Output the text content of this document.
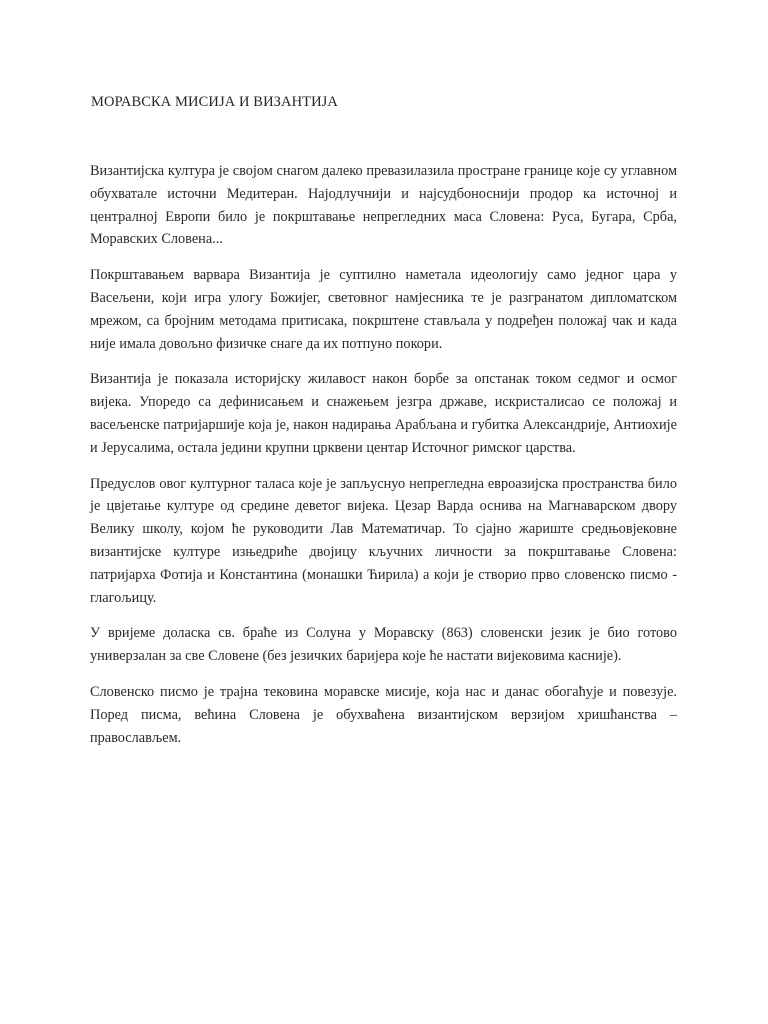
МОРАВСКА МИСИЈА И ВИЗАНТИЈА

Византијска култура је својом снагом далеко превазилазила простране границе које су углавном обухватале источни Медитеран. Најодлучнији и најсудбоноснији продор ка источној и централној Европи било је покрштавање непрегледних маса Словена: Руса, Бугара, Срба, Моравских Словена...

Покрштавањем варвара Византија је суптилно наметала идеологију само једног цара у Васељени, који игра улогу Божијег, световног намјесника те је разгранатом дипломатском мрежом, са бројним методама притисака, покрштене стављала у подређен положај чак и када није имала довољно физичке снаге да их потпуно покори.

Византија је показала историјску жилавост након борбе за опстанак током седмог и осмог вијека. Упоредо са дефинисањем и снажењем језгра државе, искристалисао се положај и васељенске патријаршије која је, након надирања Арабљана и губитка Александрије, Антиохије и Јерусалима, остала једини крупни црквени центар Источног римског царства.

Предуслов овог културног таласа које је запљуснуо непрегледна евроазијска пространства било је цвјетање културе од средине деветог вијека. Цезар Варда оснива на Магнаварском двору Велику школу, којом ће руководити Лав Математичар. То сјајно жариште средњовјековне византијске културе изњедриће двојицу кључних личности за покрштавање Словена: патријарха Фотија и Константина (монашки Ћирила) а који је створио прво словенско писмо - глагољицу.

У вријеме доласка св. браће из Солуна у Моравску (863) словенски језик је био готово универзалан за све Словене (без језичких баријера које ће настати вијековима касније).

Словенско писмо је трајна тековина моравске мисије, која нас и данас обогаћује и повезује. Поред писма, већина Словена је обухваћена византијском верзијом хришћанства – православљем.
